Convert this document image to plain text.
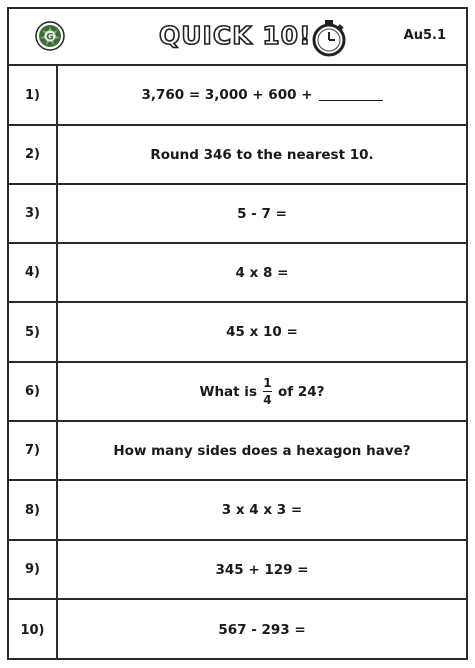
G	QUICK 10!	Au5.1
1)	3,760 = 3,000 + 600 +
2)	Round 346 to the nearest 10.
3)	5 - 7 =
4)	4 x 8 =
5)	45 x 10 =
6)	What is $\frac{1}{4}$ of 24?
7)	How many sides does a hexagon have?
8)	3 x 4 x 3 =
9)	345 + 129 =
10)	567 - 293 =
